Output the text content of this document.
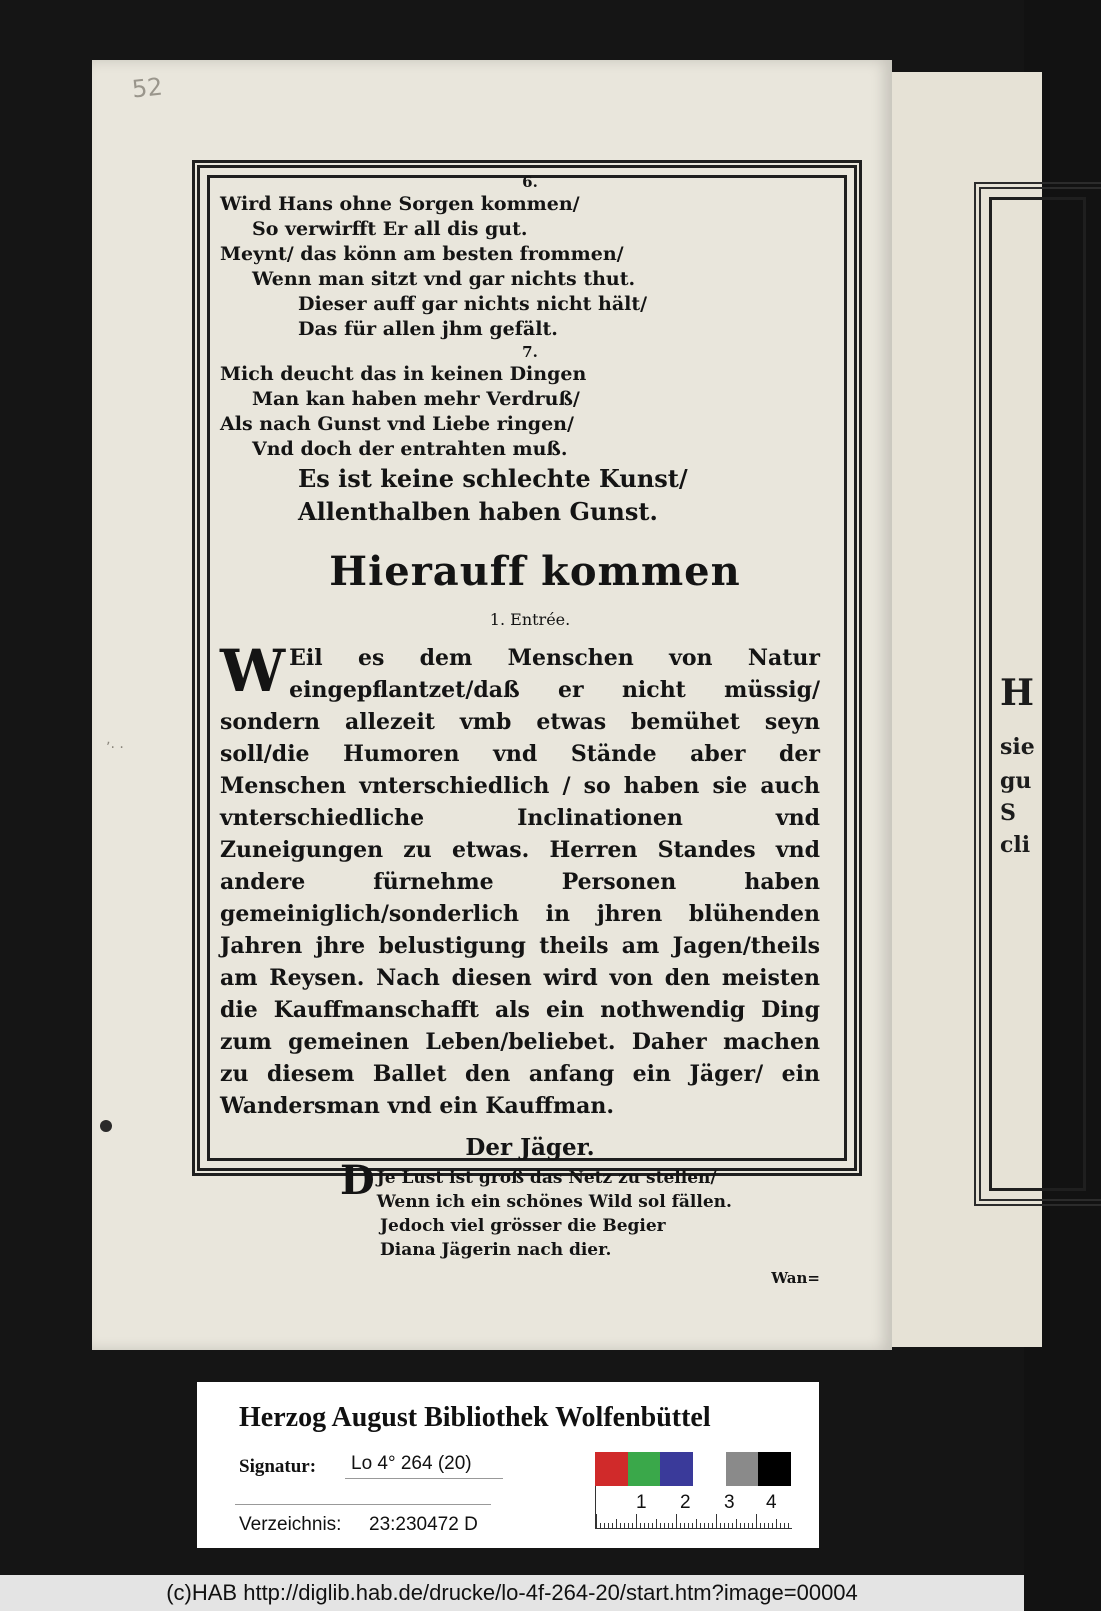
H
sie
gu
S
cli
52
ʼ· ·
6.
Wird Hans ohne Sorgen kommen/
So verwirfft Er all dis gut.
Meynt/ das könn am besten frommen/
Wenn man sitzt vnd gar nichts thut.
Dieser auff gar nichts nicht hält/
Das für allen jhm gefält.
7.
Mich deucht das in keinen Dingen
Man kan haben mehr Verdruß/
Als nach Gunst vnd Liebe ringen/
Vnd doch der entrahten muß.
Es ist keine schlechte Kunst/
Allenthalben haben Gunst.
Hierauff kommen
1. Entrée.
W Eil es dem Menschen von Natur eingepflantzet/daß er nicht müssig/ sondern allezeit vmb etwas bemühet seyn soll/die Humoren vnd Stände aber der Menschen vnterschiedlich / so haben sie auch vnterschiedliche Inclinationen vnd Zuneigungen zu etwas. Herren Standes vnd andere fürnehme Personen haben gemeiniglich/sonderlich in jhren blühenden Jahren jhre belustigung theils am Jagen/theils am Reysen. Nach diesen wird von den meisten die Kauffmanschafft als ein nothwendig Ding zum gemeinen Leben/beliebet. Daher machen zu diesem Ballet den anfang ein Jäger/ ein Wandersman vnd ein Kauffman.
Der Jäger.
D Je Lust ist groß das Netz zu stellen/
Wenn ich ein schönes Wild sol fällen.
Jedoch viel grösser die Begier
Diana Jägerin nach dier.
Wan=
Herzog August Bibliothek Wolfenbüttel
Signatur:	Lo 4° 264 (20)
Verzeichnis: 23:230472 D
1 2 3 4
(c)HAB http://diglib.hab.de/drucke/lo-4f-264-20/start.htm?image=00004
